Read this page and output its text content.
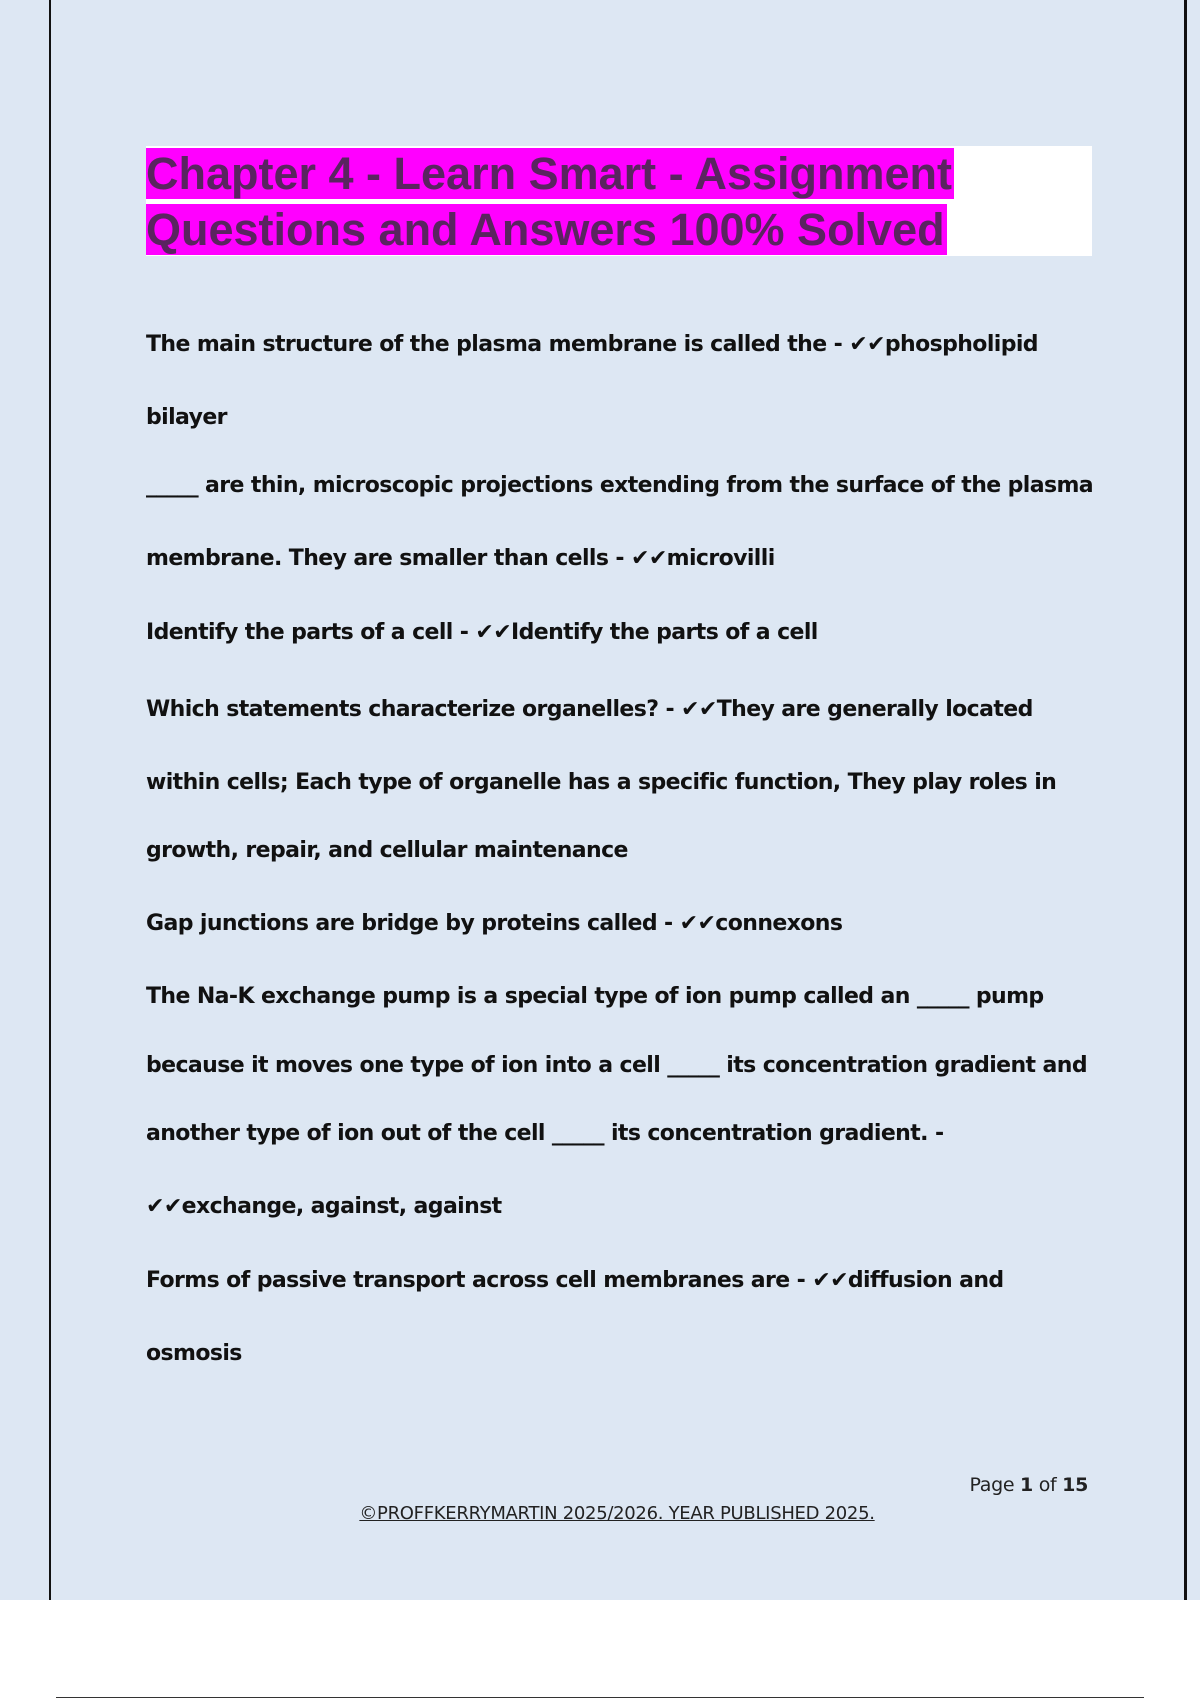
Chapter 4 - Learn Smart - Assignment
Questions and Answers 100% Solved
The main structure of the plasma membrane is called the - ✔✔phospholipid
bilayer
_____ are thin, microscopic projections extending from the surface of the plasma
membrane. They are smaller than cells - ✔✔microvilli
Identify the parts of a cell - ✔✔Identify the parts of a cell
Which statements characterize organelles? - ✔✔They are generally located
within cells; Each type of organelle has a specific function, They play roles in
growth, repair, and cellular maintenance
Gap junctions are bridge by proteins called - ✔✔connexons
The Na-K exchange pump is a special type of ion pump called an _____ pump
because it moves one type of ion into a cell _____ its concentration gradient and
another type of ion out of the cell _____ its concentration gradient. -
✔✔exchange, against, against
Forms of passive transport across cell membranes are - ✔✔diffusion and
osmosis
Page 1 of 15
©PROFFKERRYMARTIN 2025/2026. YEAR PUBLISHED 2025.
